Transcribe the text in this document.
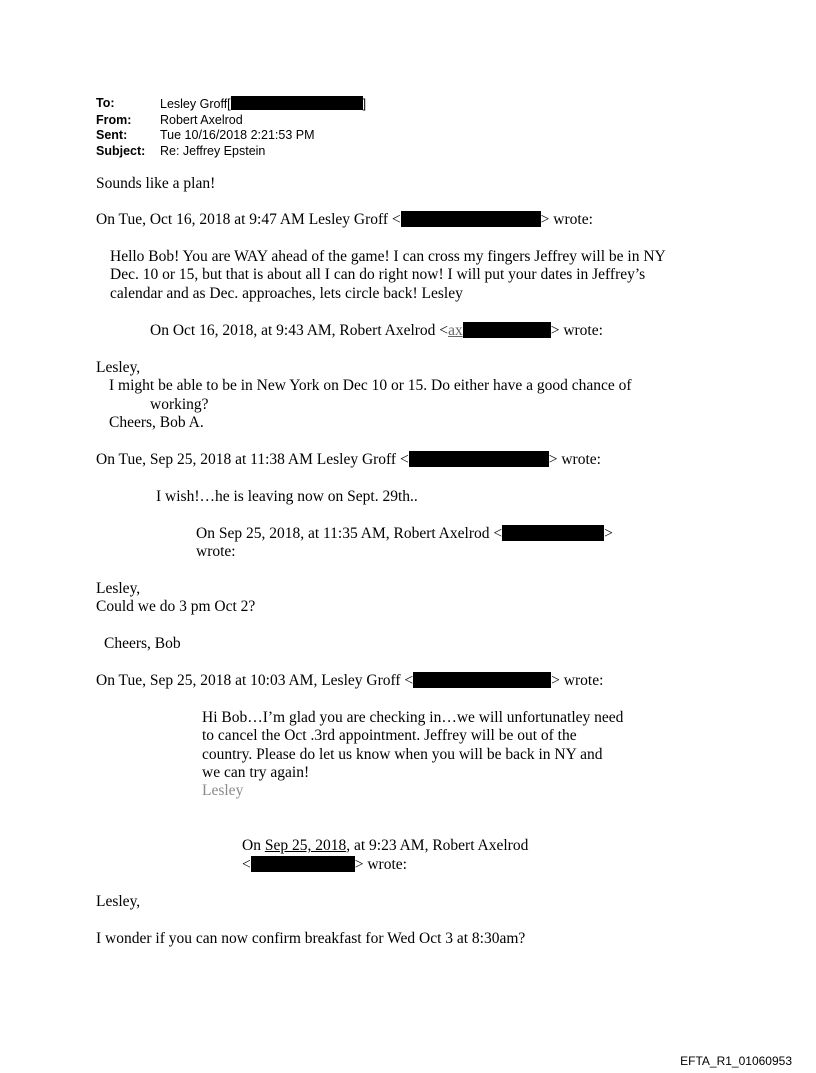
To:	Lesley Groff[	]
From:	Robert Axelrod
Sent:	Tue 10/16/2018 2:21:53 PM
Subject:	Re: Jeffrey Epstein
Sounds like a plan!
On Tue, Oct 16, 2018 at 9:47 AM Lesley Groff <	> wrote:
Hello Bob! You are WAY ahead of the game! I can cross my fingers Jeffrey will be in NY
Dec. 10 or 15, but that is about all I can do right now! I will put your dates in Jeffrey’s
calendar and as Dec. approaches, lets circle back! Lesley
On Oct 16, 2018, at 9:43 AM, Robert Axelrod <ax	> wrote:
Lesley,
I might be able to be in New York on Dec 10 or 15. Do either have a good chance of
working?
Cheers, Bob A.
On Tue, Sep 25, 2018 at 11:38 AM Lesley Groff <	> wrote:
I wish!…he is leaving now on Sept. 29th..
On Sep 25, 2018, at 11:35 AM, Robert Axelrod <	>
wrote:
Lesley,
Could we do 3 pm Oct 2?
Cheers, Bob
On Tue, Sep 25, 2018 at 10:03 AM, Lesley Groff <	> wrote:
Hi Bob…I’m glad you are checking in…we will unfortunatley need
to cancel the Oct .3rd appointment. Jeffrey will be out of the
country. Please do let us know when you will be back in NY and
we can try again!
Lesley
On Sep 25, 2018, at 9:23 AM, Robert Axelrod
<	> wrote:
Lesley,
I wonder if you can now confirm breakfast for Wed Oct 3 at 8:30am?
EFTA_R1_01060953
